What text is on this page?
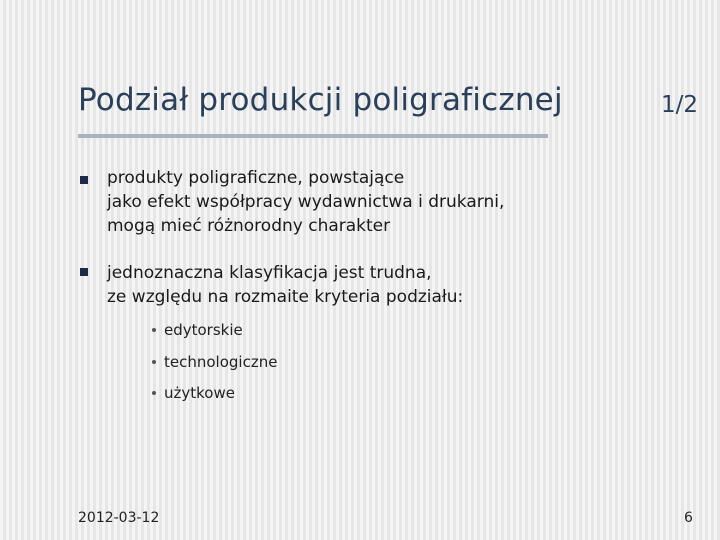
Podział produkcji poligraficznej	1/2
produkty poligraficzne, powstające
jako efekt współpracy wydawnictwa i drukarni,
mogą mieć różnorodny charakter
jednoznaczna klasyfikacja jest trudna,
ze względu na rozmaite kryteria podziału:
edytorskie
technologiczne
użytkowe
2012-03-12	6
